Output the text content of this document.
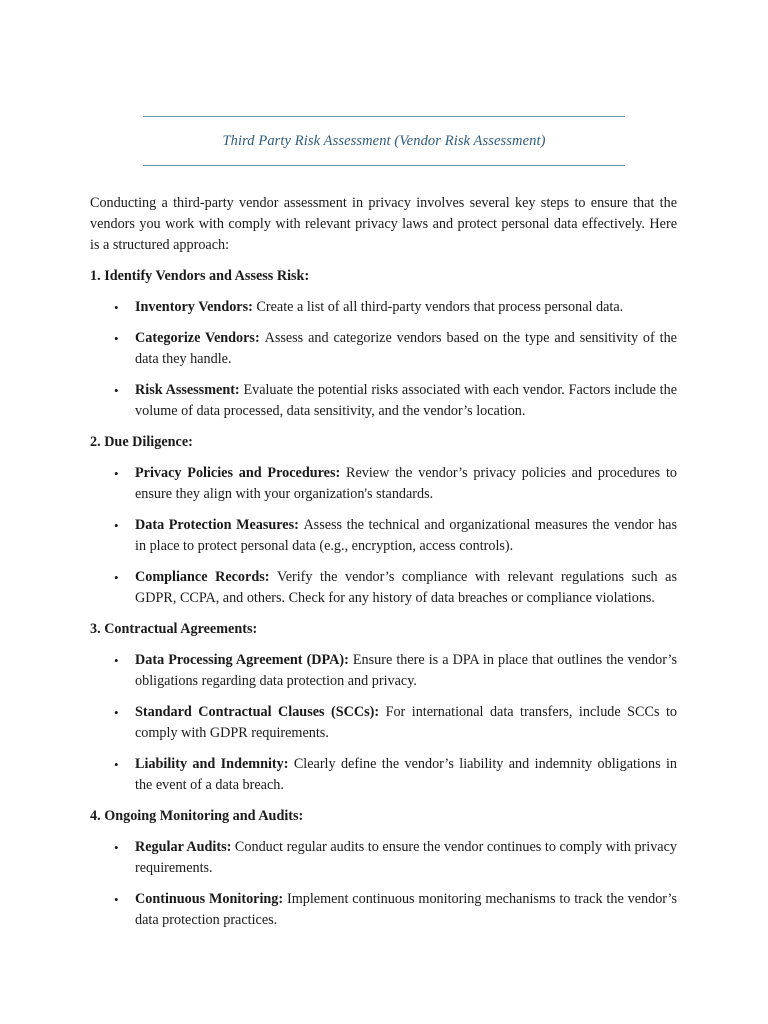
Third Party Risk Assessment (Vendor Risk Assessment)

Conducting a third-party vendor assessment in privacy involves several key steps to ensure that the vendors you work with comply with relevant privacy laws and protect personal data effectively. Here is a structured approach:

1. Identify Vendors and Assess Risk:

• Inventory Vendors: Create a list of all third-party vendors that process personal data.
• Categorize Vendors: Assess and categorize vendors based on the type and sensitivity of the data they handle.
• Risk Assessment: Evaluate the potential risks associated with each vendor. Factors include the volume of data processed, data sensitivity, and the vendor’s location.

2. Due Diligence:

• Privacy Policies and Procedures: Review the vendor’s privacy policies and procedures to ensure they align with your organization's standards.
• Data Protection Measures: Assess the technical and organizational measures the vendor has in place to protect personal data (e.g., encryption, access controls).
• Compliance Records: Verify the vendor’s compliance with relevant regulations such as GDPR, CCPA, and others. Check for any history of data breaches or compliance violations.

3. Contractual Agreements:

• Data Processing Agreement (DPA): Ensure there is a DPA in place that outlines the vendor’s obligations regarding data protection and privacy.
• Standard Contractual Clauses (SCCs): For international data transfers, include SCCs to comply with GDPR requirements.
• Liability and Indemnity: Clearly define the vendor’s liability and indemnity obligations in the event of a data breach.

4. Ongoing Monitoring and Audits:

• Regular Audits: Conduct regular audits to ensure the vendor continues to comply with privacy requirements.
• Continuous Monitoring: Implement continuous monitoring mechanisms to track the vendor’s data protection practices.
